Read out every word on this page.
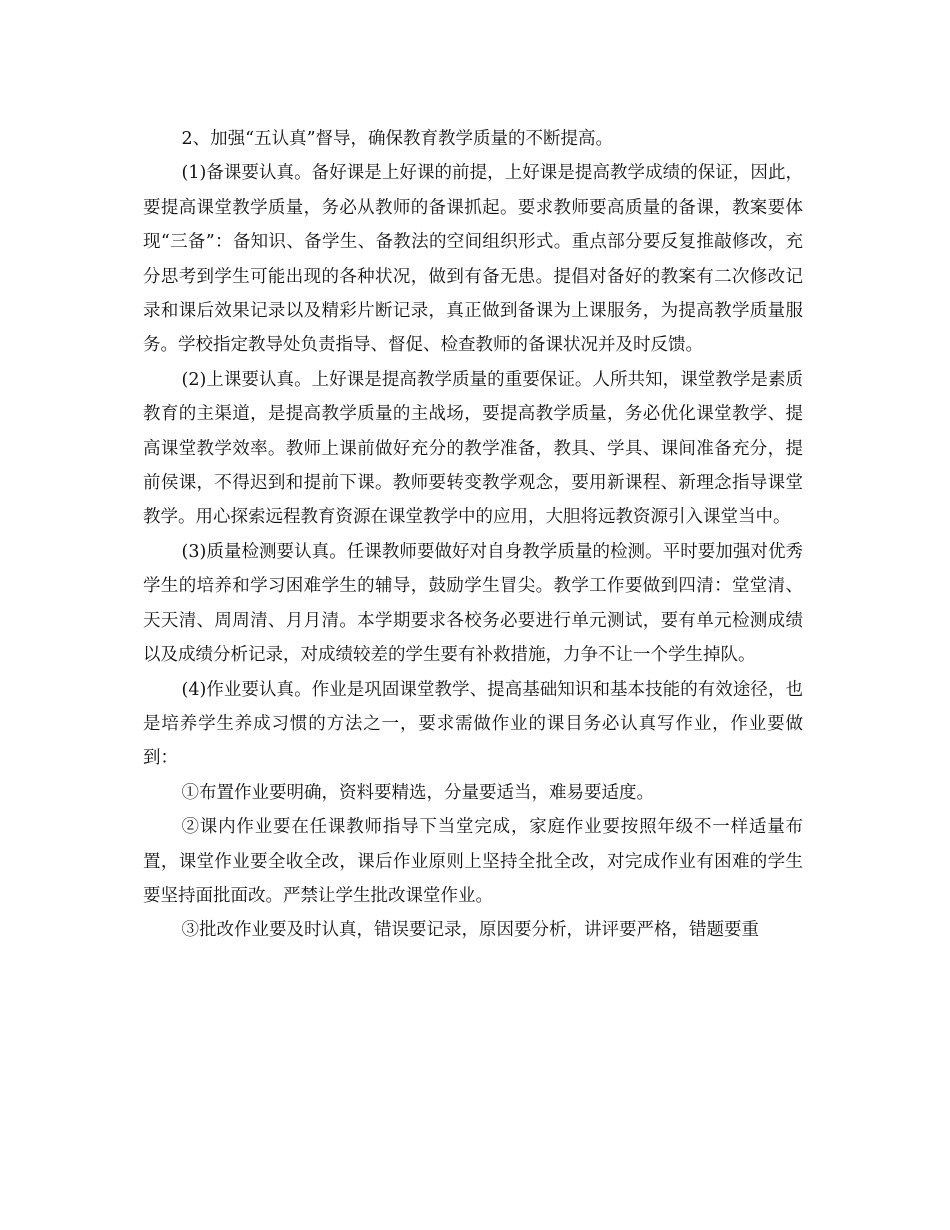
2、加强“五认真”督导，确保教育教学质量的不断提高。

(1)备课要认真。备好课是上好课的前提，上好课是提高教学成绩的保证，因此，要提高课堂教学质量，务必从教师的备课抓起。要求教师要高质量的备课，教案要体现“三备”：备知识、备学生、备教法的空间组织形式。重点部分要反复推敲修改，充分思考到学生可能出现的各种状况，做到有备无患。提倡对备好的教案有二次修改记录和课后效果记录以及精彩片断记录，真正做到备课为上课服务，为提高教学质量服务。学校指定教导处负责指导、督促、检查教师的备课状况并及时反馈。

(2)上课要认真。上好课是提高教学质量的重要保证。人所共知，课堂教学是素质教育的主渠道，是提高教学质量的主战场，要提高教学质量，务必优化课堂教学、提高课堂教学效率。教师上课前做好充分的教学准备，教具、学具、课间准备充分，提前侯课，不得迟到和提前下课。教师要转变教学观念，要用新课程、新理念指导课堂教学。用心探索远程教育资源在课堂教学中的应用，大胆将远教资源引入课堂当中。

(3)质量检测要认真。任课教师要做好对自身教学质量的检测。平时要加强对优秀学生的培养和学习困难学生的辅导，鼓励学生冒尖。教学工作要做到四清：堂堂清、天天清、周周清、月月清。本学期要求各校务必要进行单元测试，要有单元检测成绩以及成绩分析记录，对成绩较差的学生要有补救措施，力争不让一个学生掉队。

(4)作业要认真。作业是巩固课堂教学、提高基础知识和基本技能的有效途径，也是培养学生养成习惯的方法之一，要求需做作业的课目务必认真写作业，作业要做到：

①布置作业要明确，资料要精选，分量要适当，难易要适度。

②课内作业要在任课教师指导下当堂完成，家庭作业要按照年级不一样适量布置，课堂作业要全收全改，课后作业原则上坚持全批全改，对完成作业有困难的学生要坚持面批面改。严禁让学生批改课堂作业。

③批改作业要及时认真，错误要记录，原因要分析，讲评要严格，错题要重
